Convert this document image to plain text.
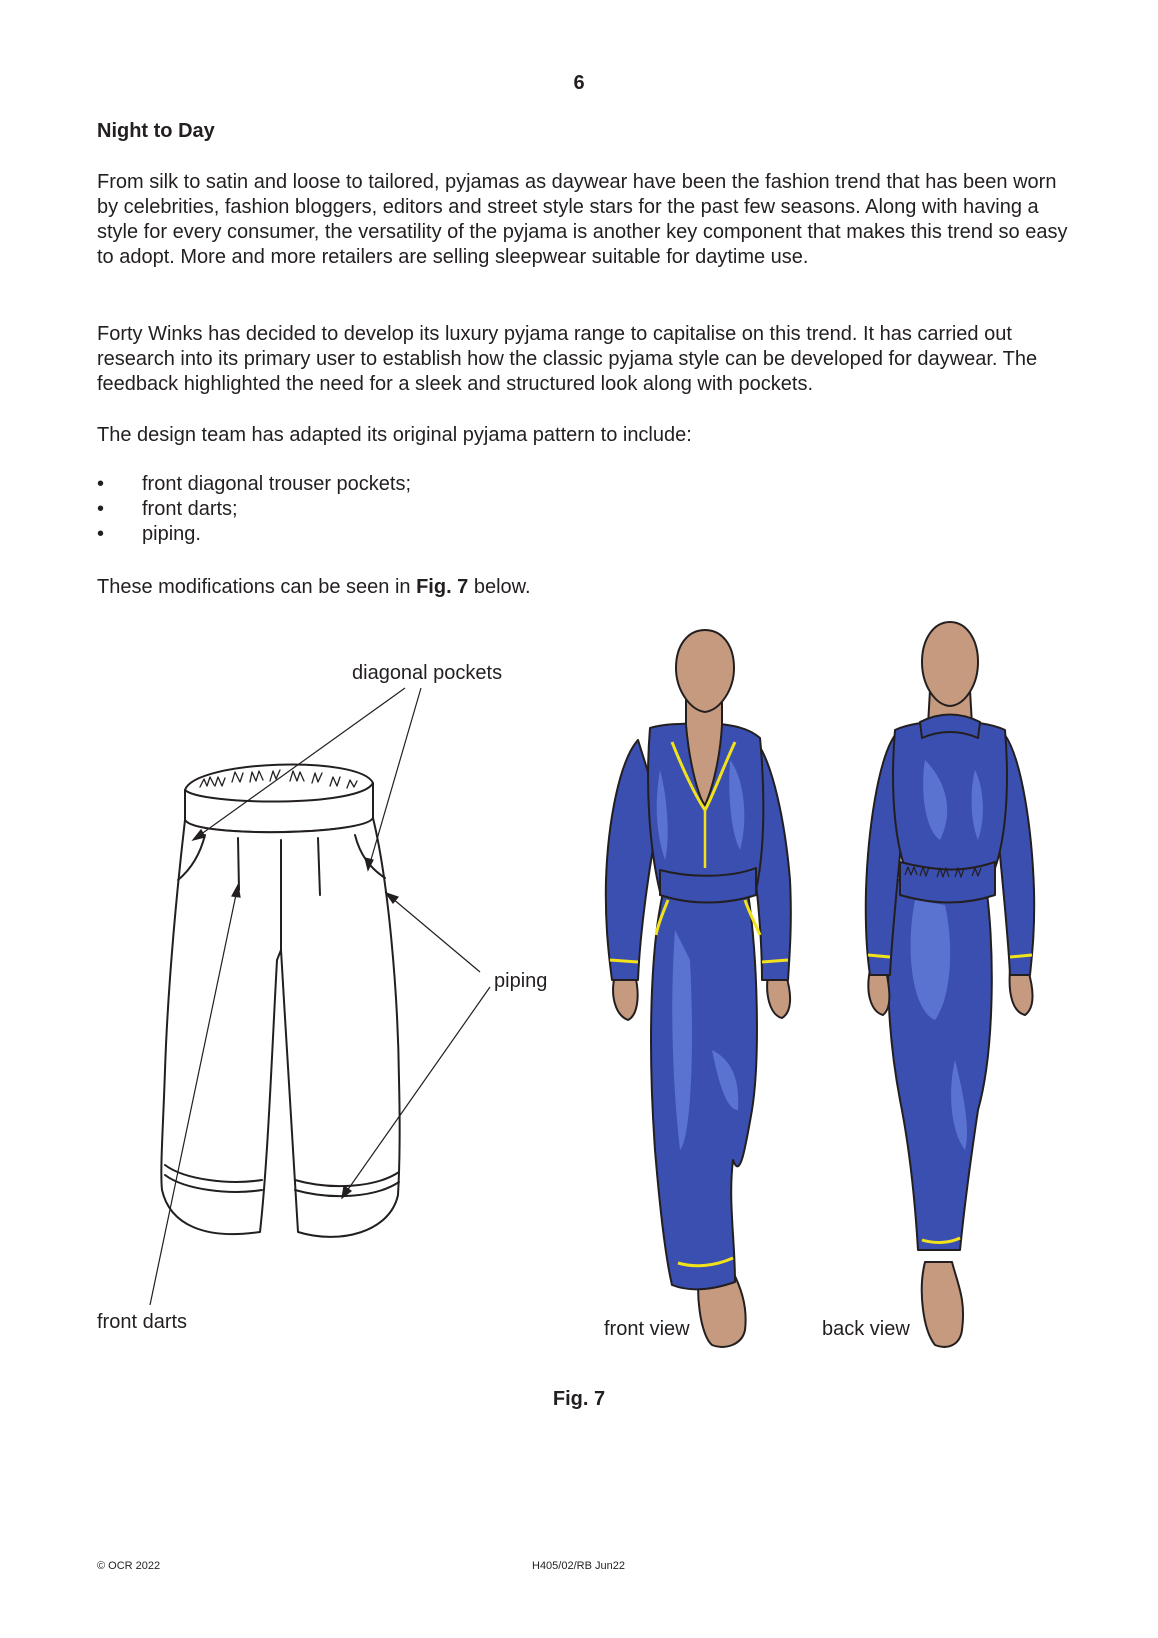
6
Night to Day

From silk to satin and loose to tailored, pyjamas as daywear have been the fashion trend that has been worn by celebrities, fashion bloggers, editors and street style stars for the past few seasons. Along with having a style for every consumer, the versatility of the pyjama is another key component that makes this trend so easy to adopt. More and more retailers are selling sleepwear suitable for daytime use.

Forty Winks has decided to develop its luxury pyjama range to capitalise on this trend. It has carried out research into its primary user to establish how the classic pyjama style can be developed for daywear. The feedback highlighted the need for a sleek and structured look along with pockets.

The design team has adapted its original pyjama pattern to include:

• front diagonal trouser pockets;
• front darts;
• piping.

These modifications can be seen in Fig. 7 below.

diagonal pockets
piping
front darts	front view	back view
Fig. 7
© OCR 2022	H405/02/RB Jun22
